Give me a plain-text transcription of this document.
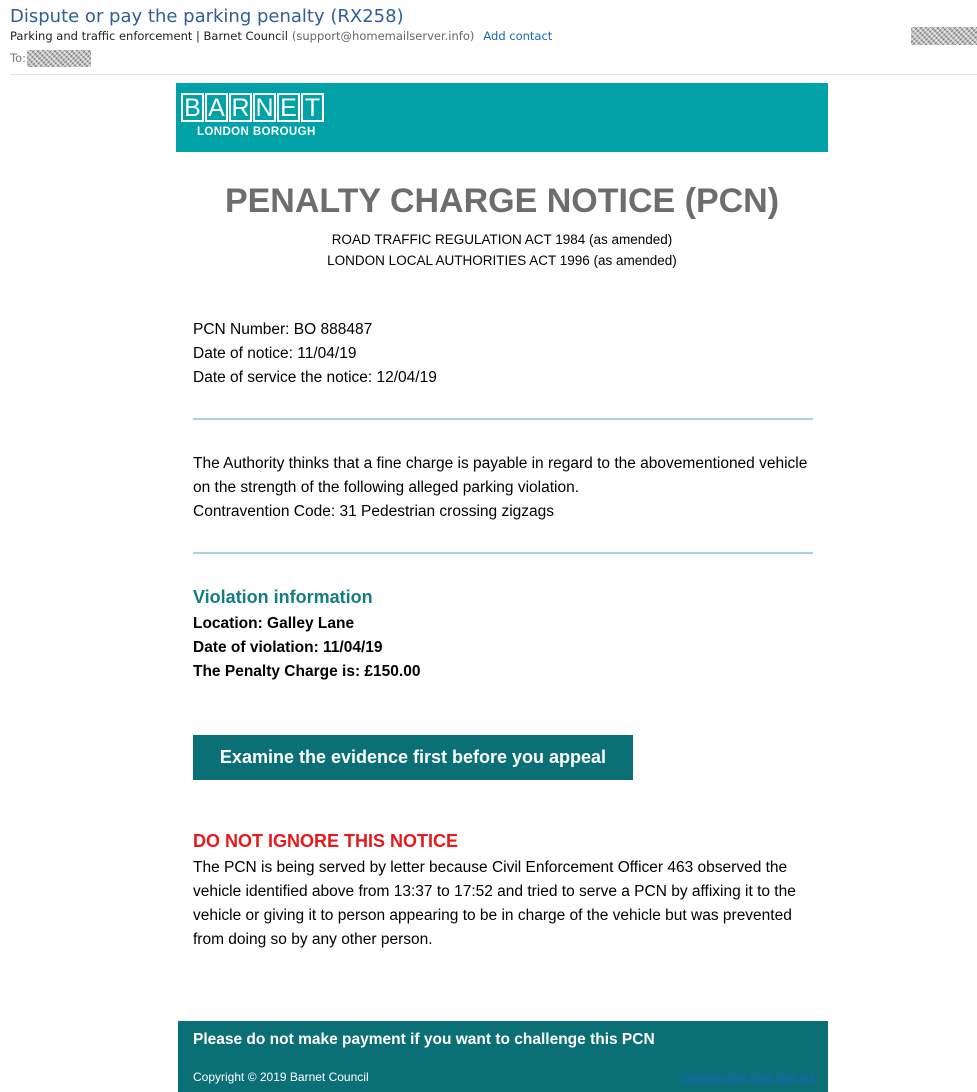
Dispute or pay the parking penalty (RX258)
Parking and traffic enforcement | Barnet Council (support@homemailserver.info) Add contact
To:
B A R N E T
LONDON BOROUGH
PENALTY CHARGE NOTICE (PCN)
ROAD TRAFFIC REGULATION ACT 1984 (as amended)
LONDON LOCAL AUTHORITIES ACT 1996 (as amended)
PCN Number: BO 888487
Date of notice: 11/04/19
Date of service the notice: 12/04/19
The Authority thinks that a fine charge is payable in regard to the abovementioned vehicle on the strength of the following alleged parking violation.
Contravention Code: 31 Pedestrian crossing zigzags
Violation information
Location: Galley Lane
Date of violation: 11/04/19
The Penalty Charge is: £150.00
Examine the evidence first before you appeal
DO NOT IGNORE THIS NOTICE
The PCN is being served by letter because Civil Enforcement Officer 463 observed the vehicle identified above from 13:37 to 17:52 and tried to serve a PCN by affixing it to the vehicle or giving it to person appearing to be in charge of the vehicle but was prevented from doing so by any other person.
Please do not make payment if you want to challenge this PCN
Copyright © 2019 Barnet Council	Unsubscribe from this list
